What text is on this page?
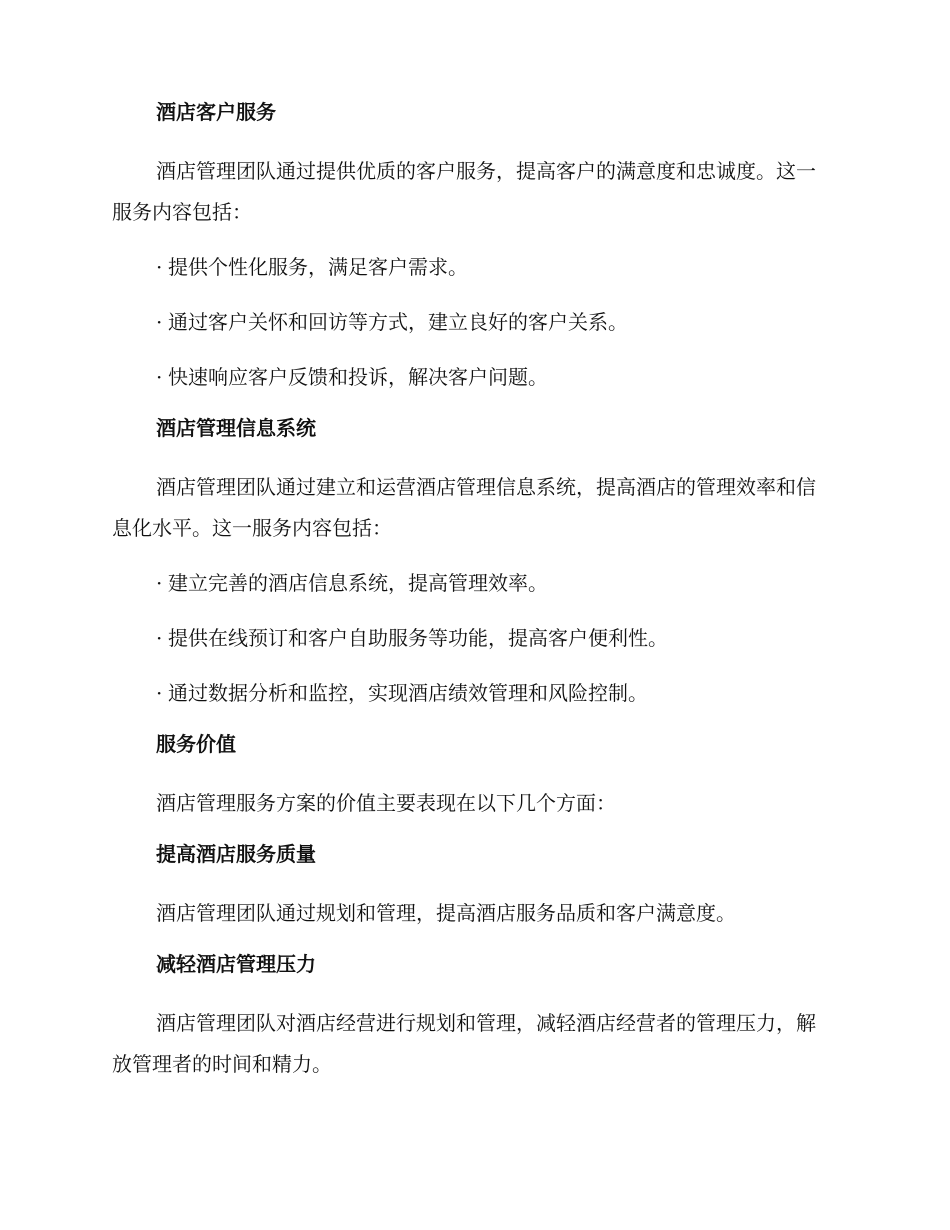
酒店客户服务
酒店管理团队通过提供优质的客户服务，提高客户的满意度和忠诚度。这一服务内容包括：
· 提供个性化服务，满足客户需求。
· 通过客户关怀和回访等方式，建立良好的客户关系。
· 快速响应客户反馈和投诉，解决客户问题。
酒店管理信息系统
酒店管理团队通过建立和运营酒店管理信息系统，提高酒店的管理效率和信息化水平。这一服务内容包括：
· 建立完善的酒店信息系统，提高管理效率。
· 提供在线预订和客户自助服务等功能，提高客户便利性。
· 通过数据分析和监控，实现酒店绩效管理和风险控制。
服务价值
酒店管理服务方案的价值主要表现在以下几个方面：
提高酒店服务质量
酒店管理团队通过规划和管理，提高酒店服务品质和客户满意度。
减轻酒店管理压力
酒店管理团队对酒店经营进行规划和管理，减轻酒店经营者的管理压力，解放管理者的时间和精力。
